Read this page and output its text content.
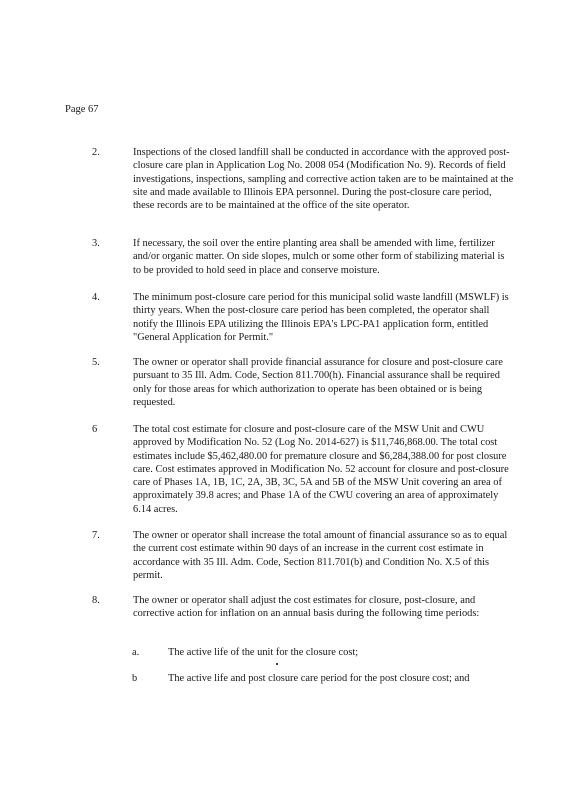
Page 67
2.	Inspections of the closed landfill shall be conducted in accordance with the approved post-closure care plan in Application Log No. 2008 054 (Modification No. 9). Records of field investigations, inspections, sampling and corrective action taken are to be maintained at the site and made available to Illinois EPA personnel. During the post-closure care period, these records are to be maintained at the office of the site operator.
3.	If necessary, the soil over the entire planting area shall be amended with lime, fertilizer and/or organic matter. On side slopes, mulch or some other form of stabilizing material is to be provided to hold seed in place and conserve moisture.
4.	The minimum post-closure care period for this municipal solid waste landfill (MSWLF) is thirty years. When the post-closure care period has been completed, the operator shall notify the Illinois EPA utilizing the Illinois EPA's LPC-PA1 application form, entitled "General Application for Permit."
5.	The owner or operator shall provide financial assurance for closure and post-closure care pursuant to 35 Ill. Adm. Code, Section 811.700(h). Financial assurance shall be required only for those areas for which authorization to operate has been obtained or is being requested.
6	The total cost estimate for closure and post-closure care of the MSW Unit and CWU approved by Modification No. 52 (Log No. 2014-627) is $11,746,868.00. The total cost estimates include $5,462,480.00 for premature closure and $6,284,388.00 for post closure care. Cost estimates approved in Modification No. 52 account for closure and post-closure care of Phases 1A, 1B, 1C, 2A, 3B, 3C, 5A and 5B of the MSW Unit covering an area of approximately 39.8 acres; and Phase 1A of the CWU covering an area of approximately 6.14 acres.
7.	The owner or operator shall increase the total amount of financial assurance so as to equal the current cost estimate within 90 days of an increase in the current cost estimate in accordance with 35 Ill. Adm. Code, Section 811.701(b) and Condition No. X.5 of this permit.
8.	The owner or operator shall adjust the cost estimates for closure, post-closure, and corrective action for inflation on an annual basis during the following time periods:
a.	The active life of the unit for the closure cost;
b	The active life and post closure care period for the post closure cost; and
